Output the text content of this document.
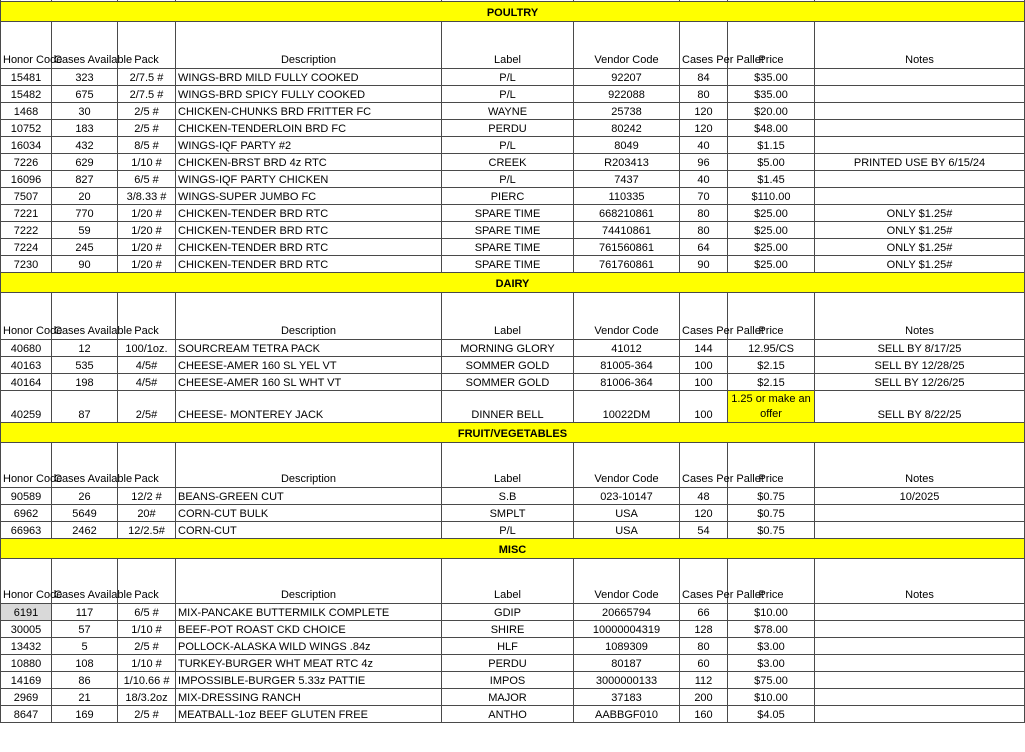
POULTRY								
Honor Code	Cases Available	Pack	Description	Label	Vendor Code	Cases Per Pallet	Price	Notes
15481	323	2/7.5 #	WINGS-BRD MILD FULLY COOKED	P/L	92207	84	$35.00	
15482	675	2/7.5 #	WINGS-BRD SPICY FULLY COOKED	P/L	922088	80	$35.00	
1468	30	2/5 #	CHICKEN-CHUNKS BRD FRITTER FC	WAYNE	25738	120	$20.00	
10752	183	2/5 #	CHICKEN-TENDERLOIN BRD FC	PERDU	80242	120	$48.00	
16034	432	8/5 #	WINGS-IQF PARTY #2	P/L	8049	40	$1.15	
7226	629	1/10 #	CHICKEN-BRST BRD 4z RTC	CREEK	R203413	96	$5.00	PRINTED USE BY 6/15/24
16096	827	6/5 #	WINGS-IQF PARTY CHICKEN	P/L	7437	40	$1.45	
7507	20	3/8.33 #	WINGS-SUPER JUMBO FC	PIERC	110335	70	$110.00	
7221	770	1/20 #	CHICKEN-TENDER BRD RTC	SPARE TIME	668210861	80	$25.00	ONLY $1.25#
7222	59	1/20 #	CHICKEN-TENDER BRD RTC	SPARE TIME	74410861	80	$25.00	ONLY $1.25#
7224	245	1/20 #	CHICKEN-TENDER BRD RTC	SPARE TIME	761560861	64	$25.00	ONLY $1.25#
7230	90	1/20 #	CHICKEN-TENDER BRD RTC	SPARE TIME	761760861	90	$25.00	ONLY $1.25#
DAIRY								
Honor Code	Cases Available	Pack	Description	Label	Vendor Code	Cases Per Pallet	Price	Notes
40680	12	100/1oz.	SOURCREAM TETRA PACK	MORNING GLORY	41012	144	12.95/CS	SELL BY 8/17/25
40163	535	4/5#	CHEESE-AMER 160 SL YEL VT	SOMMER GOLD	81005-364	100	$2.15	SELL BY 12/28/25
40164	198	4/5#	CHEESE-AMER 160 SL WHT VT	SOMMER GOLD	81006-364	100	$2.15	SELL BY 12/26/25
40259	87	2/5#	CHEESE- MONTEREY JACK	DINNER BELL	10022DM	100	1.25 or make an offer	SELL BY 8/22/25
FRUIT/VEGETABLES								
Honor Code	Cases Available	Pack	Description	Label	Vendor Code	Cases Per Pallet	Price	Notes
90589	26	12/2 #	BEANS-GREEN CUT	S.B	023-10147	48	$0.75	10/2025
6962	5649	20#	CORN-CUT BULK	SMPLT	USA	120	$0.75	
66963	2462	12/2.5#	CORN-CUT	P/L	USA	54	$0.75	
MISC								
Honor Code	Cases Available	Pack	Description	Label	Vendor Code	Cases Per Pallet	Price	Notes
6191	117	6/5 #	MIX-PANCAKE BUTTERMILK COMPLETE	GDIP	20665794	66	$10.00	
30005	57	1/10 #	BEEF-POT ROAST CKD CHOICE	SHIRE	10000004319	128	$78.00	
13432	5	2/5 #	POLLOCK-ALASKA WILD WINGS .84z	HLF	1089309	80	$3.00	
10880	108	1/10 #	TURKEY-BURGER WHT MEAT RTC 4z	PERDU	80187	60	$3.00	
14169	86	1/10.66 #	IMPOSSIBLE-BURGER 5.33z PATTIE	IMPOS	3000000133	112	$75.00	
2969	21	18/3.2oz	MIX-DRESSING RANCH	MAJOR	37183	200	$10.00	
8647	169	2/5 #	MEATBALL-1oz BEEF GLUTEN FREE	ANTHO	AABBGF010	160	$4.05	
